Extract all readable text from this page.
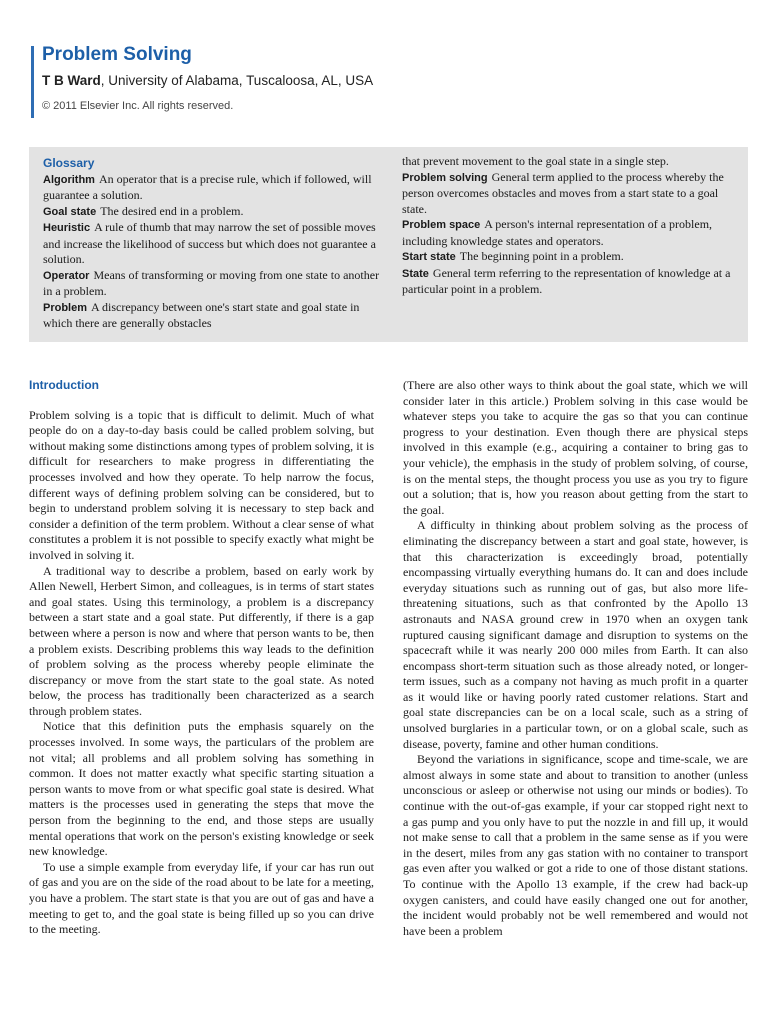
Problem Solving
T B Ward, University of Alabama, Tuscaloosa, AL, USA
© 2011 Elsevier Inc. All rights reserved.
Glossary
Algorithm An operator that is a precise rule, which if followed, will guarantee a solution.
Goal state The desired end in a problem.
Heuristic A rule of thumb that may narrow the set of possible moves and increase the likelihood of success but which does not guarantee a solution.
Operator Means of transforming or moving from one state to another in a problem.
Problem A discrepancy between one's start state and goal state in which there are generally obstacles
that prevent movement to the goal state in a single step.
Problem solving General term applied to the process whereby the person overcomes obstacles and moves from a start state to a goal state.
Problem space A person's internal representation of a problem, including knowledge states and operators.
Start state The beginning point in a problem.
State General term referring to the representation of knowledge at a particular point in a problem.
Introduction

Problem solving is a topic that is difficult to delimit. Much of what people do on a day-to-day basis could be called problem solving, but without making some distinctions among types of problem solving, it is difficult for researchers to make progress in differentiating the processes involved and how they operate. To help narrow the focus, different ways of defining problem solving can be considered, but to begin to understand problem solving it is necessary to step back and consider a definition of the term problem. Without a clear sense of what constitutes a problem it is not possible to specify exactly what might be involved in solving it.

A traditional way to describe a problem, based on early work by Allen Newell, Herbert Simon, and colleagues, is in terms of start states and goal states. Using this terminology, a problem is a discrepancy between a start state and a goal state. Put differently, if there is a gap between where a person is now and where that person wants to be, then a problem exists. Describing problems this way leads to the definition of problem solving as the process whereby people eliminate the discrepancy or move from the start state to the goal state. As noted below, the process has traditionally been characterized as a search through problem states.

Notice that this definition puts the emphasis squarely on the processes involved. In some ways, the particulars of the problem are not vital; all problems and all problem solving has something in common. It does not matter exactly what specific starting situation a person wants to move from or what specific goal state is desired. What matters is the processes used in generating the steps that move the person from the beginning to the end, and those steps are usually mental operations that work on the person's existing knowledge or seek new knowledge.

To use a simple example from everyday life, if your car has run out of gas and you are on the side of the road about to be late for a meeting, you have a problem. The start state is that you are out of gas and have a meeting to get to, and the goal state is being filled up so you can drive to the meeting.

(There are also other ways to think about the goal state, which we will consider later in this article.) Problem solving in this case would be whatever steps you take to acquire the gas so that you can continue progress to your destination. Even though there are physical steps involved in this example (e.g., acquiring a container to bring gas to your vehicle), the emphasis in the study of problem solving, of course, is on the mental steps, the thought process you use as you try to figure out a solution; that is, how you reason about getting from the start to the goal.

A difficulty in thinking about problem solving as the process of eliminating the discrepancy between a start and goal state, however, is that this characterization is exceedingly broad, potentially encompassing virtually everything humans do. It can and does include everyday situations such as running out of gas, but also more life-threatening situations, such as that confronted by the Apollo 13 astronauts and NASA ground crew in 1970 when an oxygen tank ruptured causing significant damage and disruption to systems on the spacecraft while it was nearly 200 000 miles from Earth. It can also encompass short-term situation such as those already noted, or longer-term issues, such as a company not having as much profit in a quarter as it would like or having poorly rated customer relations. Start and goal state discrepancies can be on a local scale, such as a string of unsolved burglaries in a particular town, or on a global scale, such as disease, poverty, famine and other human conditions.

Beyond the variations in significance, scope and time-scale, we are almost always in some state and about to transition to another (unless unconscious or asleep or otherwise not using our minds or bodies). To continue with the out-of-gas example, if your car stopped right next to a gas pump and you only have to put the nozzle in and fill up, it would not make sense to call that a problem in the same sense as if you were in the desert, miles from any gas station with no container to transport gas even after you walked or got a ride to one of those distant stations. To continue with the Apollo 13 example, if the crew had back-up oxygen canisters, and could have easily changed one out for another, the incident would probably not be well remembered and would not have been a problem
